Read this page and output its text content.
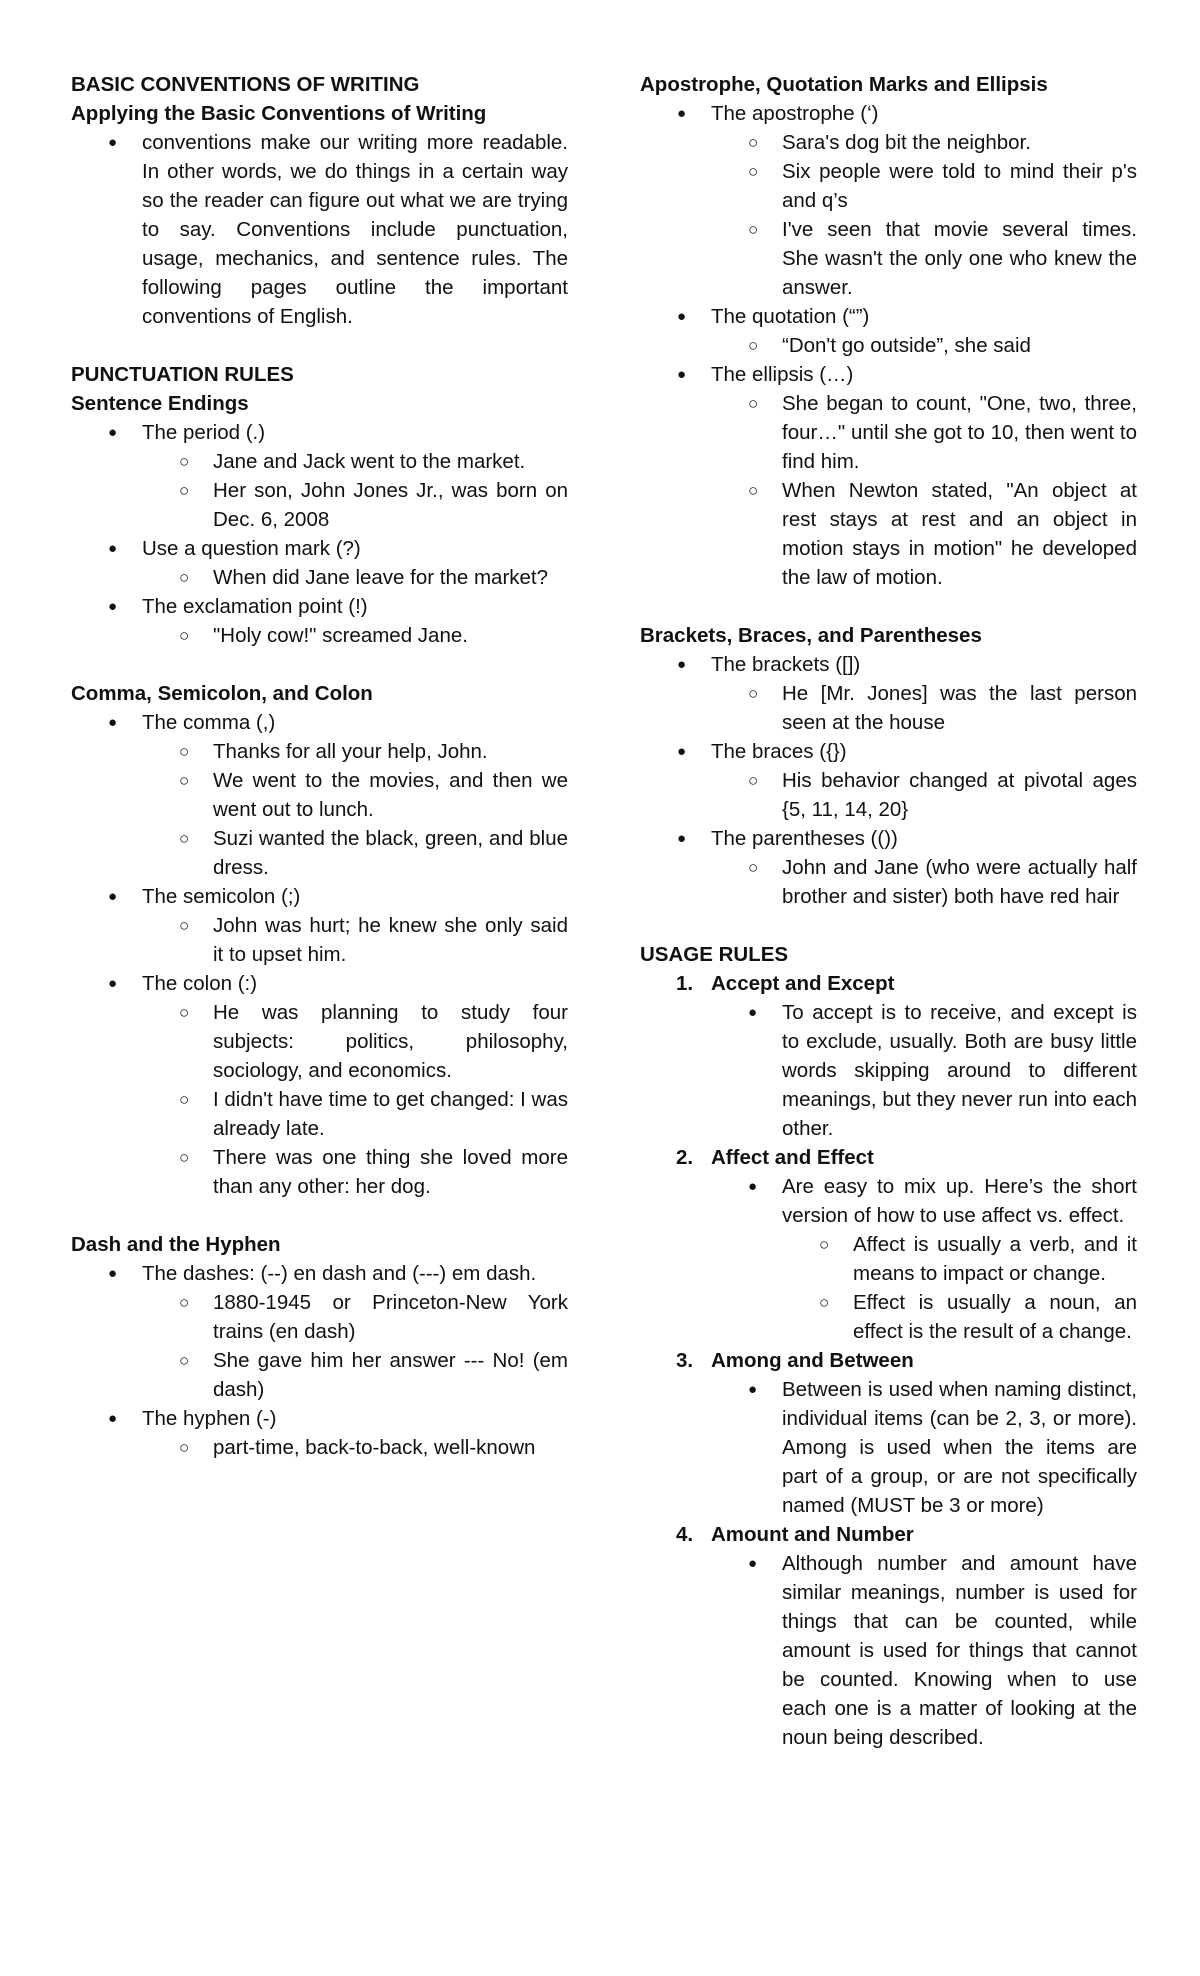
BASIC CONVENTIONS OF WRITING
Applying the Basic Conventions of Writing
● conventions make our writing more readable. In other words, we do things in a certain way so the reader can figure out what we are trying to say. Conventions include punctuation, usage, mechanics, and sentence rules. The following pages outline the important conventions of English.
PUNCTUATION RULES
Sentence Endings
● The period (.)
○ Jane and Jack went to the market.
○ Her son, John Jones Jr., was born on Dec. 6, 2008
● Use a question mark (?)
○ When did Jane leave for the market?
● The exclamation point (!)
○ "Holy cow!" screamed Jane.
Comma, Semicolon, and Colon
● The comma (,)
○ Thanks for all your help, John.
○ We went to the movies, and then we went out to lunch.
○ Suzi wanted the black, green, and blue dress.
● The semicolon (;)
○ John was hurt; he knew she only said it to upset him.
● The colon (:)
○ He was planning to study four subjects: politics, philosophy, sociology, and economics.
○ I didn't have time to get changed: I was already late.
○ There was one thing she loved more than any other: her dog.
Dash and the Hyphen
● The dashes: (--) en dash and (---) em dash.
○ 1880-1945 or Princeton-New York trains (en dash)
○ She gave him her answer --- No! (em dash)
● The hyphen (-)
○ part-time, back-to-back, well-known
Apostrophe, Quotation Marks and Ellipsis
● The apostrophe (‘)
○ Sara's dog bit the neighbor.
○ Six people were told to mind their p's and q’s
○ I've seen that movie several times. She wasn't the only one who knew the answer.
● The quotation (“”)
○ “Don't go outside”, she said
● The ellipsis (…)
○ She began to count, "One, two, three, four…" until she got to 10, then went to find him.
○ When Newton stated, "An object at rest stays at rest and an object in motion stays in motion" he developed the law of motion.
Brackets, Braces, and Parentheses
● The brackets ([])
○ He [Mr. Jones] was the last person seen at the house
● The braces ({})
○ His behavior changed at pivotal ages {5, 11, 14, 20}
● The parentheses (())
○ John and Jane (who were actually half brother and sister) both have red hair
USAGE RULES
1. Accept and Except
● To accept is to receive, and except is to exclude, usually. Both are busy little words skipping around to different meanings, but they never run into each other.
2. Affect and Effect
● Are easy to mix up. Here’s the short version of how to use affect vs. effect.
○ Affect is usually a verb, and it means to impact or change.
○ Effect is usually a noun, an effect is the result of a change.
3. Among and Between
● Between is used when naming distinct, individual items (can be 2, 3, or more). Among is used when the items are part of a group, or are not specifically named (MUST be 3 or more)
4. Amount and Number
● Although number and amount have similar meanings, number is used for things that can be counted, while amount is used for things that cannot be counted. Knowing when to use each one is a matter of looking at the noun being described.
